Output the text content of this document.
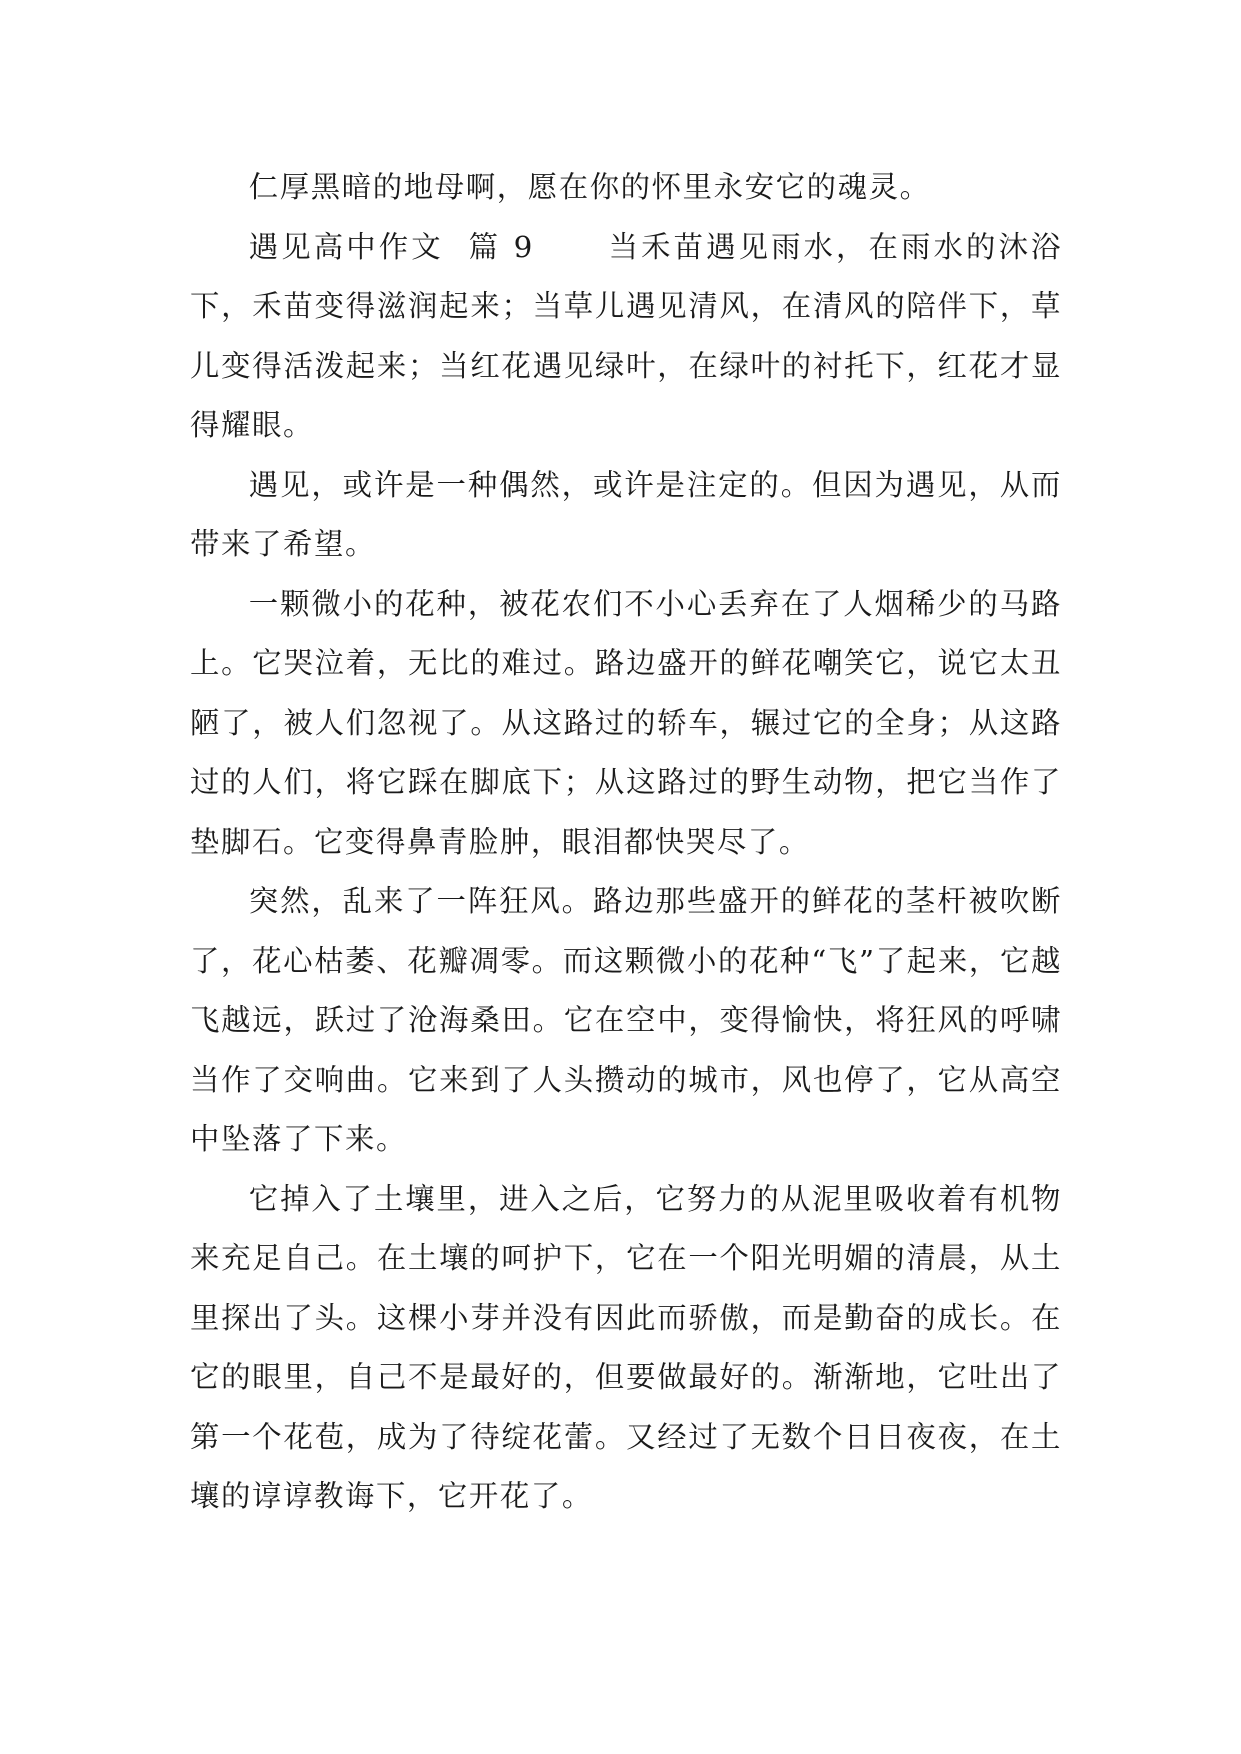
仁厚黑暗的地母啊，愿在你的怀里永安它的魂灵。

遇见高中作文  篇 9	当禾苗遇见雨水，在雨水的沐浴下，禾苗变得滋润起来；当草儿遇见清风，在清风的陪伴下，草儿变得活泼起来；当红花遇见绿叶，在绿叶的衬托下，红花才显得耀眼。

遇见，或许是一种偶然，或许是注定的。但因为遇见，从而带来了希望。

一颗微小的花种，被花农们不小心丢弃在了人烟稀少的马路上。它哭泣着，无比的难过。路边盛开的鲜花嘲笑它，说它太丑陋了，被人们忽视了。从这路过的轿车，辗过它的全身；从这路过的人们，将它踩在脚底下；从这路过的野生动物，把它当作了垫脚石。它变得鼻青脸肿，眼泪都快哭尽了。

突然，乱来了一阵狂风。路边那些盛开的鲜花的茎杆被吹断了，花心枯萎、花瓣凋零。而这颗微小的花种“飞”了起来，它越飞越远，跃过了沧海桑田。它在空中，变得愉快，将狂风的呼啸当作了交响曲。它来到了人头攒动的城市，风也停了，它从高空中坠落了下来。

它掉入了土壤里，进入之后，它努力的从泥里吸收着有机物来充足自己。在土壤的呵护下，它在一个阳光明媚的清晨，从土里探出了头。这棵小芽并没有因此而骄傲，而是勤奋的成长。在它的眼里，自己不是最好的，但要做最好的。渐渐地，它吐出了第一个花苞，成为了待绽花蕾。又经过了无数个日日夜夜，在土壤的谆谆教诲下，它开花了。
